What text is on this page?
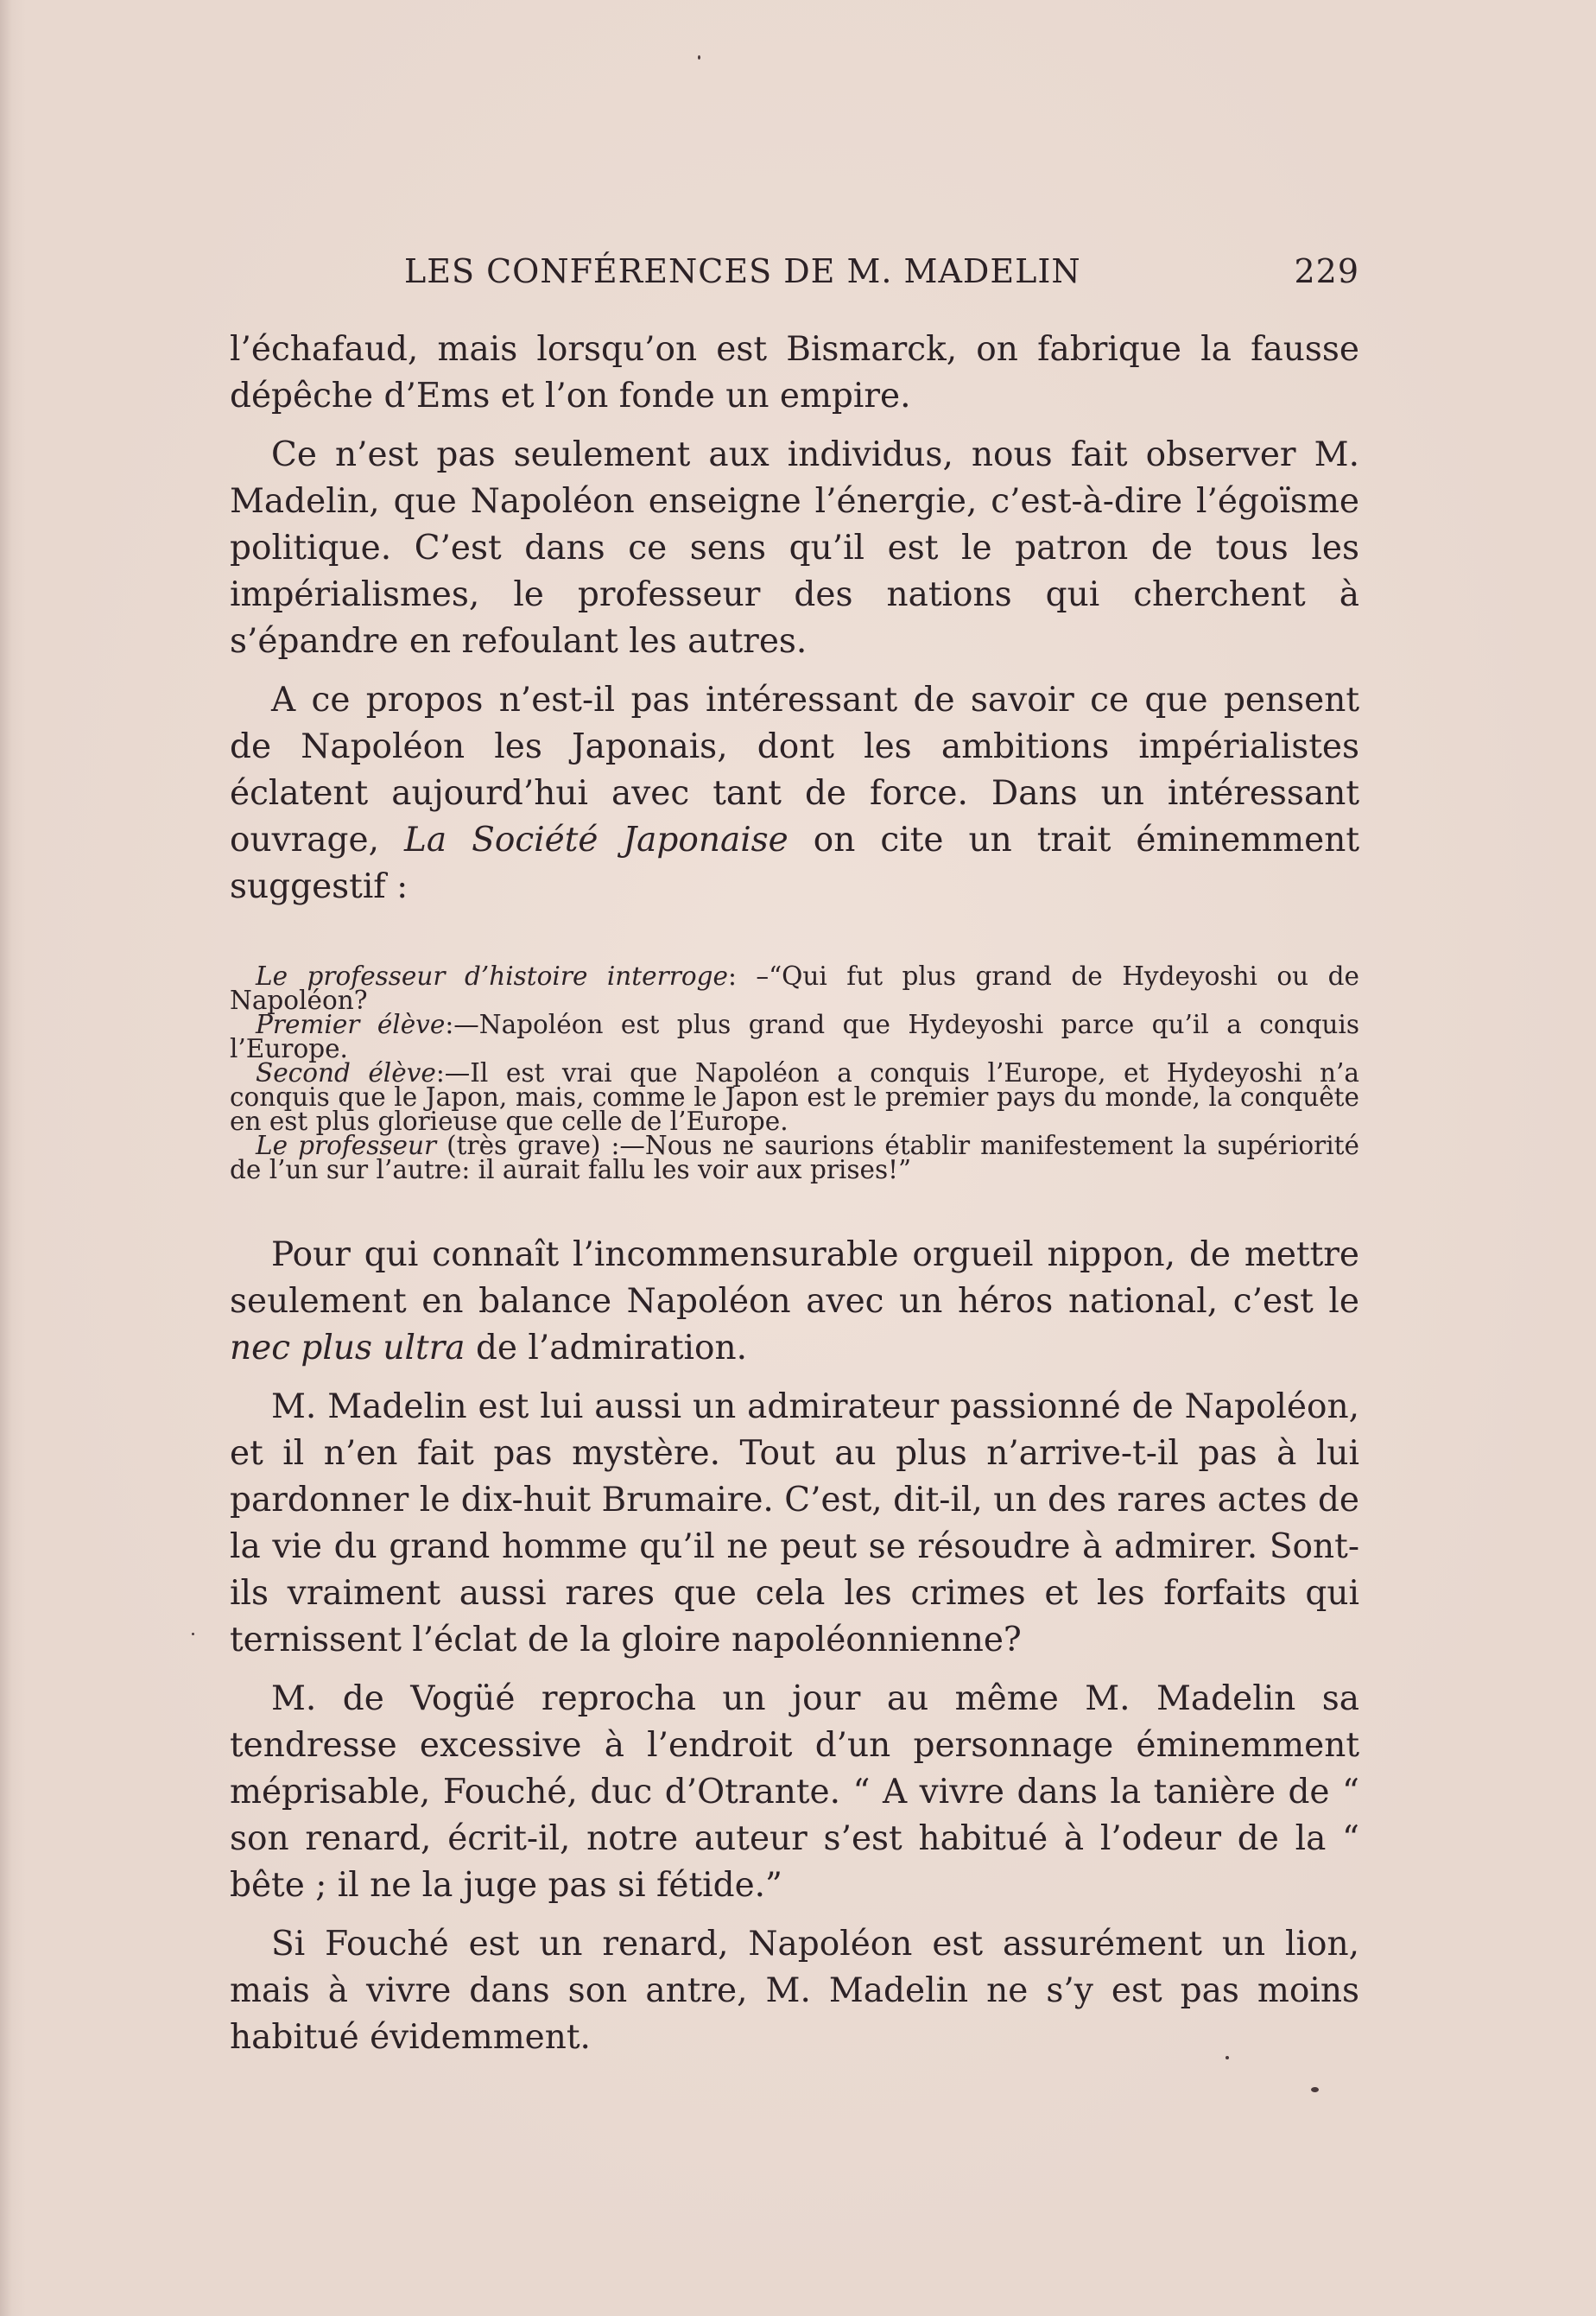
LES CONFÉRENCES DE M. MADELIN	229

l’échafaud, mais lorsqu’on est Bismarck, on fabrique la fausse dépêche d’Ems et l’on fonde un empire.

Ce n’est pas seulement aux individus, nous fait observer M. Madelin, que Napoléon enseigne l’énergie, c’est-à-dire l’égoïsme politique. C’est dans ce sens qu’il est le patron de tous les impérialismes, le professeur des nations qui cherchent à s’épandre en refoulant les autres.

A ce propos n’est-il pas intéressant de savoir ce que pensent de Napoléon les Japonais, dont les ambitions impérialistes éclatent aujourd’hui avec tant de force. Dans un intéressant ouvrage, La Société Japonaise on cite un trait éminemment suggestif :

Le professeur d’histoire interroge: –“Qui fut plus grand de Hydeyoshi ou de Napoléon?

Premier élève:—Napoléon est plus grand que Hydeyoshi parce qu’il a conquis l’Europe.

Second élève:—Il est vrai que Napoléon a conquis l’Europe, et Hydeyoshi n’a conquis que le Japon, mais, comme le Japon est le premier pays du monde, la conquête en est plus glorieuse que celle de l’Europe.

Le professeur (très grave) :—Nous ne saurions établir manifestement la supériorité de l’un sur l’autre: il aurait fallu les voir aux prises!”

Pour qui connaît l’incommensurable orgueil nippon, de mettre seulement en balance Napoléon avec un héros national, c’est le nec plus ultra de l’admiration.

M. Madelin est lui aussi un admirateur passionné de Napoléon, et il n’en fait pas mystère. Tout au plus n’arrive-t-il pas à lui pardonner le dix-huit Brumaire. C’est, dit-il, un des rares actes de la vie du grand homme qu’il ne peut se résoudre à admirer. Sont-ils vraiment aussi rares que cela les crimes et les forfaits qui ternissent l’éclat de la gloire napoléonnienne?

M. de Vogüé reprocha un jour au même M. Madelin sa tendresse excessive à l’endroit d’un personnage éminemment méprisable, Fouché, duc d’Otrante. “ A vivre dans la tanière de “ son renard, écrit-il, notre auteur s’est habitué à l’odeur de la “ bête ; il ne la juge pas si fétide.”

Si Fouché est un renard, Napoléon est assurément un lion, mais à vivre dans son antre, M. Madelin ne s’y est pas moins habitué évidemment.
